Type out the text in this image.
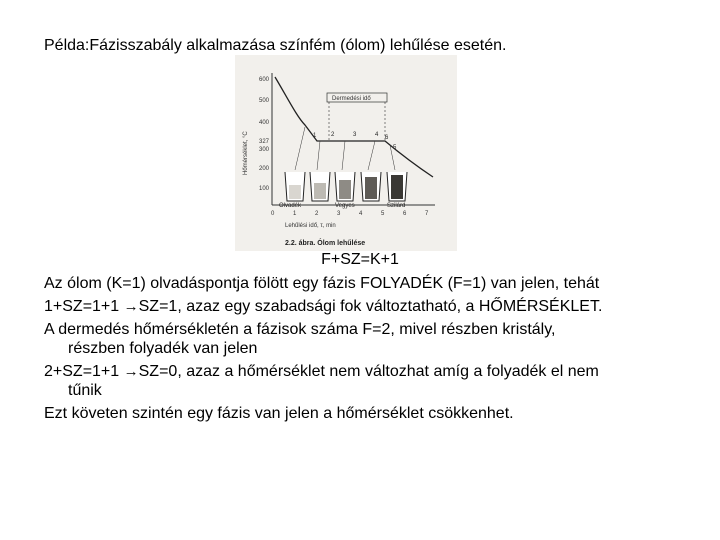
Példa:Fázisszabály alkalmazása színfém (ólom) lehűlése esetén.
600
500
400
327
300
200
100
Hőmérséklet, °C
0	1	2	3	4	5	6	7
Lehűlési idő, τ, min
Dermedési idő
1 2	3	4
5
6
Olvadék	Vegyes	Szilárd
2.2. ábra. Ólom lehűlése
F+SZ=K+1
Az ólom (K=1) olvadáspontja fölött egy fázis FOLYADÉK (F=1) van jelen, tehát
1+SZ=1+1 →SZ=1, azaz egy szabadsági fok változtatható, a HŐMÉRSÉKLET.
A dermedés hőmérsékletén a fázisok száma F=2, mivel részben kristály,
részben folyadék van jelen
2+SZ=1+1 →SZ=0, azaz a hőmérséklet nem változhat amíg a folyadék el nem
tűnik
Ezt követen szintén egy fázis van jelen a hőmérséklet csökkenhet.
